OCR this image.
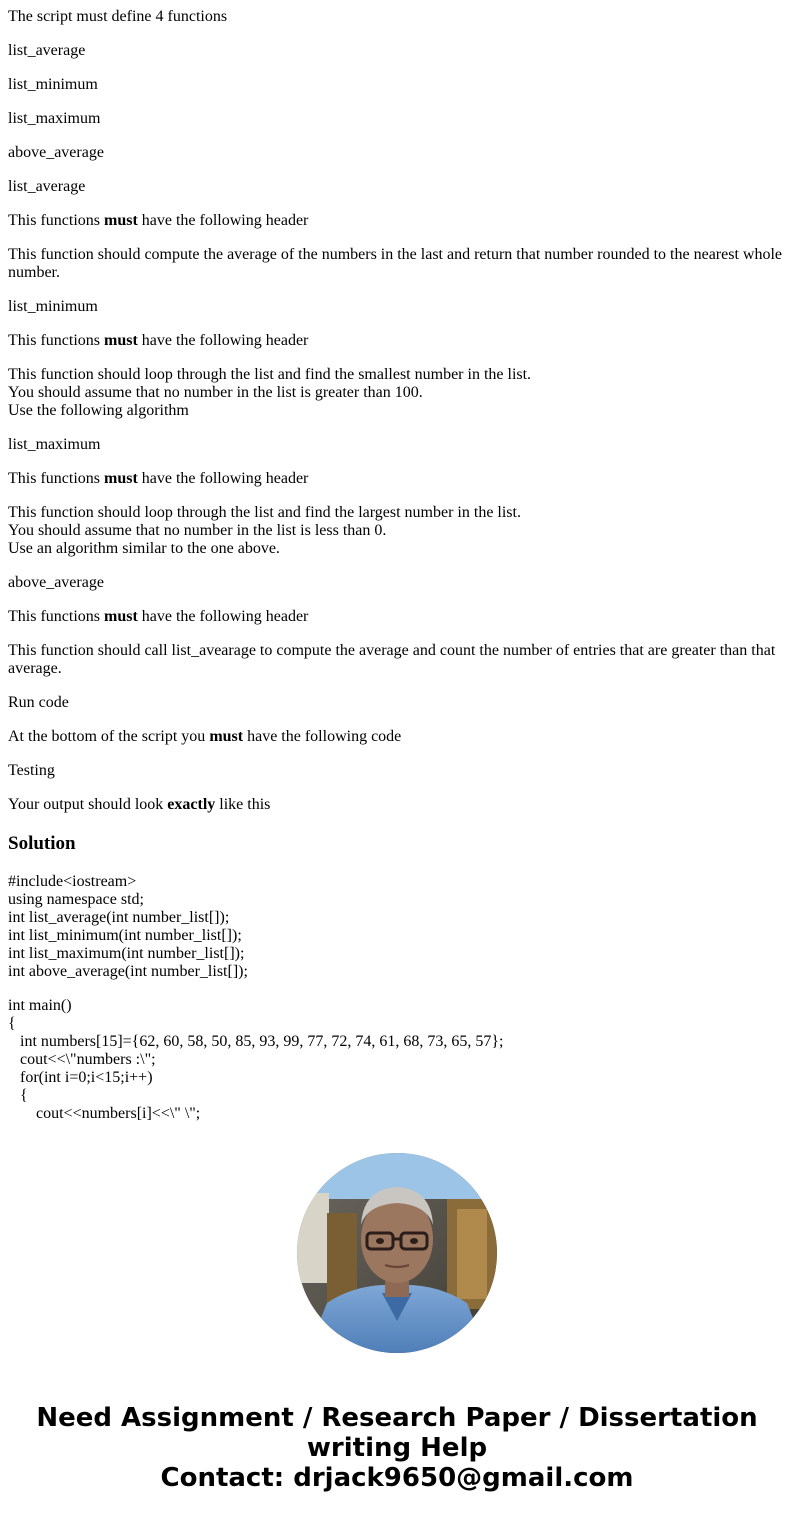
The script must define 4 functions

list_average

list_minimum

list_maximum

above_average

list_average

This functions must have the following header

This function should compute the average of the numbers in the last and return that number rounded to the nearest whole number.

list_minimum

This functions must have the following header

This function should loop through the list and find the smallest number in the list.

You should assume that no number in the list is greater than 100.

Use the following algorithm

list_maximum

This functions must have the following header

This function should loop through the list and find the largest number in the list.

You should assume that no number in the list is less than 0.

Use an algorithm similar to the one above.

above_average

This functions must have the following header

This function should call list_avearage to compute the average and count the number of entries that are greater than that average.

Run code

At the bottom of the script you must have the following code

Testing

Your output should look exactly like this

Solution

#include<iostream>

using namespace std;

int list_average(int number_list[]);

int list_minimum(int number_list[]);

int list_maximum(int number_list[]);

int above_average(int number_list[]);

int main()

{

int numbers[15]={62, 60, 58, 50, 85, 93, 99, 77, 72, 74, 61, 68, 73, 65, 57};

cout<<\"numbers :\";

for(int i=0;i<15;i++)

{

cout<<numbers[i]<<\" \";

Need Assignment / Research Paper / Dissertation
writing Help
Contact: drjack9650@gmail.com
